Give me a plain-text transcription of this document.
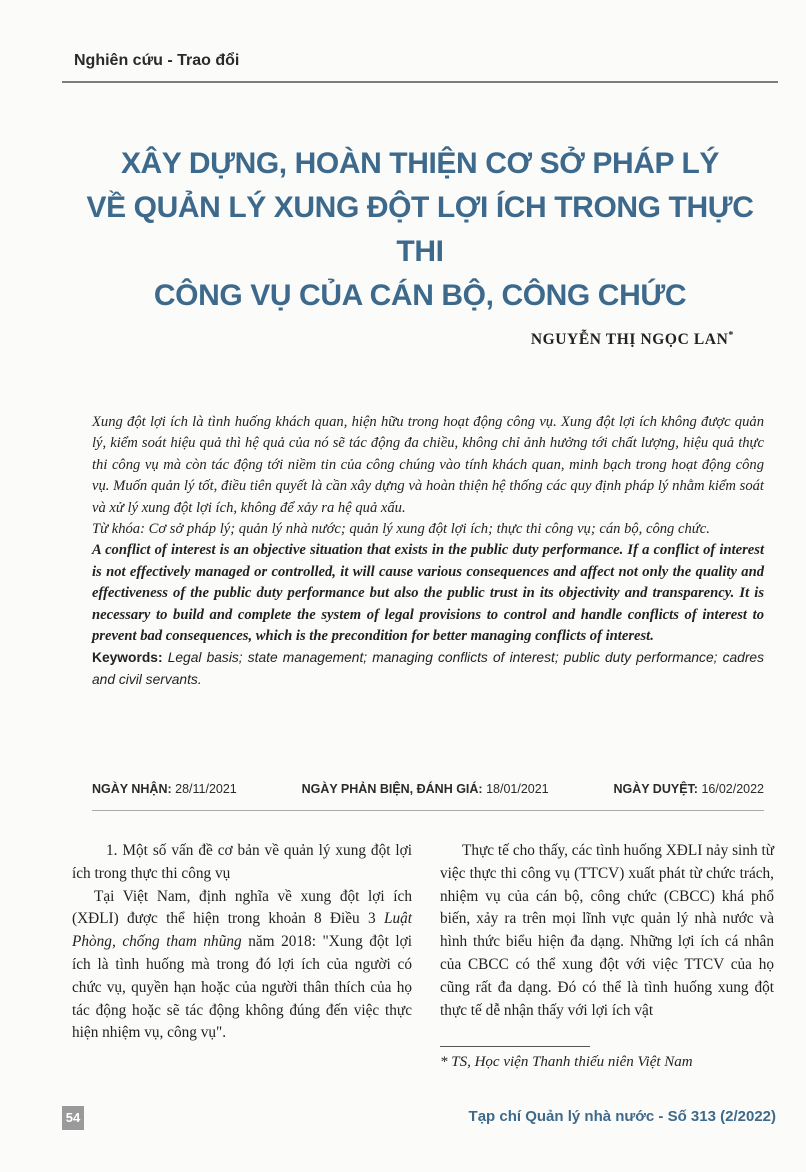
Nghiên cứu - Trao đổi
XÂY DỰNG, HOÀN THIỆN CƠ SỞ PHÁP LÝ
VỀ QUẢN LÝ XUNG ĐỘT LỢI ÍCH TRONG THỰC THI
CÔNG VỤ CỦA CÁN BỘ, CÔNG CHỨC
NGUYỄN THỊ NGỌC LAN*

Xung đột lợi ích là tình huống khách quan, hiện hữu trong hoạt động công vụ. Xung đột lợi ích không được quản lý, kiểm soát hiệu quả thì hệ quả của nó sẽ tác động đa chiều, không chỉ ảnh hưởng tới chất lượng, hiệu quả thực thi công vụ mà còn tác động tới niềm tin của công chúng vào tính khách quan, minh bạch trong hoạt động công vụ. Muốn quản lý tốt, điều tiên quyết là cần xây dựng và hoàn thiện hệ thống các quy định pháp lý nhằm kiểm soát và xử lý xung đột lợi ích, không để xảy ra hệ quả xấu.

Từ khóa: Cơ sở pháp lý; quản lý nhà nước; quản lý xung đột lợi ích; thực thi công vụ; cán bộ, công chức.

A conflict of interest is an objective situation that exists in the public duty performance. If a conflict of interest is not effectively managed or controlled, it will cause various consequences and affect not only the quality and effectiveness of the public duty performance but also the public trust in its objectivity and transparency. It is necessary to build and complete the system of legal provisions to control and handle conflicts of interest to prevent bad consequences, which is the precondition for better managing conflicts of interest.

Keywords: Legal basis; state management; managing conflicts of interest; public duty performance; cadres and civil servants.

NGÀY NHẬN: 28/11/2021	NGÀY PHẢN BIỆN, ĐÁNH GIÁ: 18/01/2021	NGÀY DUYỆT: 16/02/2022

1. Một số vấn đề cơ bản về quản lý xung đột lợi ích trong thực thi công vụ

Tại Việt Nam, định nghĩa về xung đột lợi ích (XĐLI) được thể hiện trong khoản 8 Điều 3 Luật Phòng, chống tham nhũng năm 2018: "Xung đột lợi ích là tình huống mà trong đó lợi ích của người có chức vụ, quyền hạn hoặc của người thân thích của họ tác động hoặc sẽ tác động không đúng đến việc thực hiện nhiệm vụ, công vụ".

Thực tế cho thấy, các tình huống XĐLI nảy sinh từ việc thực thi công vụ (TTCV) xuất phát từ chức trách, nhiệm vụ của cán bộ, công chức (CBCC) khá phổ biến, xảy ra trên mọi lĩnh vực quản lý nhà nước và hình thức biểu hiện đa dạng. Những lợi ích cá nhân của CBCC có thể xung đột với việc TTCV của họ cũng rất đa dạng. Đó có thể là tình huống xung đột thực tế dễ nhận thấy với lợi ích vật

* TS, Học viện Thanh thiếu niên Việt Nam
54	Tạp chí Quản lý nhà nước - Số 313 (2/2022)
